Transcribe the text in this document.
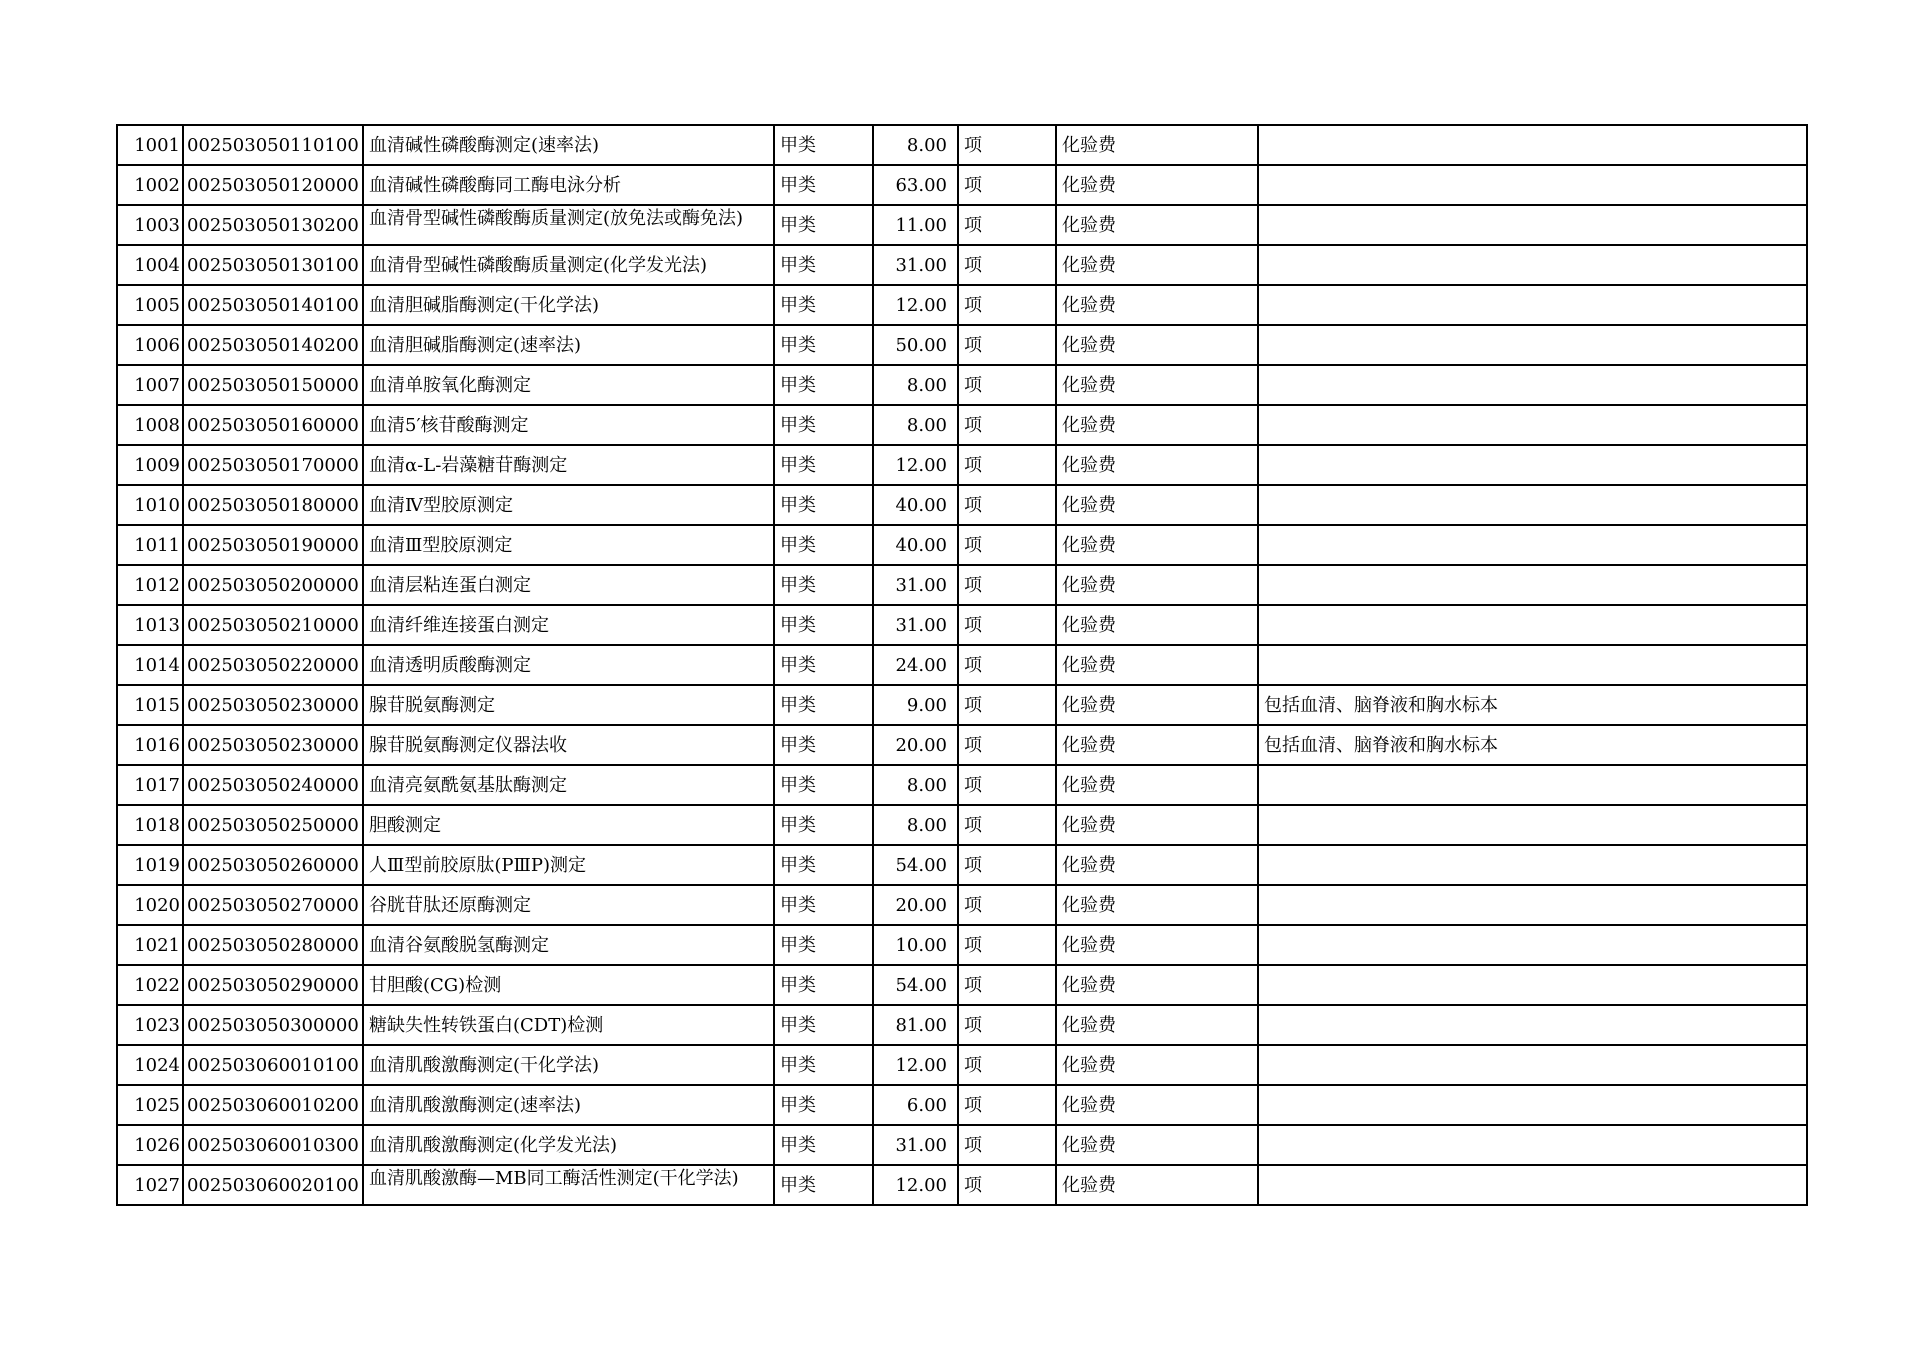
1001	002503050110100	血清碱性磷酸酶测定(速率法)	甲类	8.00	项	化验费	
1002	002503050120000	血清碱性磷酸酶同工酶电泳分析	甲类	63.00	项	化验费	
1003	002503050130200	血清骨型碱性磷酸酶质量测定(放免法或酶免法)	甲类	11.00	项	化验费	
1004	002503050130100	血清骨型碱性磷酸酶质量测定(化学发光法)	甲类	31.00	项	化验费	
1005	002503050140100	血清胆碱脂酶测定(干化学法)	甲类	12.00	项	化验费	
1006	002503050140200	血清胆碱脂酶测定(速率法)	甲类	50.00	项	化验费	
1007	002503050150000	血清单胺氧化酶测定	甲类	8.00	项	化验费	
1008	002503050160000	血清5′核苷酸酶测定	甲类	8.00	项	化验费	
1009	002503050170000	血清α-L-岩藻糖苷酶测定	甲类	12.00	项	化验费	
1010	002503050180000	血清Ⅳ型胶原测定	甲类	40.00	项	化验费	
1011	002503050190000	血清Ⅲ型胶原测定	甲类	40.00	项	化验费	
1012	002503050200000	血清层粘连蛋白测定	甲类	31.00	项	化验费	
1013	002503050210000	血清纤维连接蛋白测定	甲类	31.00	项	化验费	
1014	002503050220000	血清透明质酸酶测定	甲类	24.00	项	化验费	
1015	002503050230000	腺苷脱氨酶测定	甲类	9.00	项	化验费	包括血清、脑脊液和胸水标本
1016	002503050230000	腺苷脱氨酶测定仪器法收	甲类	20.00	项	化验费	包括血清、脑脊液和胸水标本
1017	002503050240000	血清亮氨酰氨基肽酶测定	甲类	8.00	项	化验费	
1018	002503050250000	胆酸测定	甲类	8.00	项	化验费	
1019	002503050260000	人Ⅲ型前胶原肽(PⅢP)测定	甲类	54.00	项	化验费	
1020	002503050270000	谷胱苷肽还原酶测定	甲类	20.00	项	化验费	
1021	002503050280000	血清谷氨酸脱氢酶测定	甲类	10.00	项	化验费	
1022	002503050290000	甘胆酸(CG)检测	甲类	54.00	项	化验费	
1023	002503050300000	糖缺失性转铁蛋白(CDT)检测	甲类	81.00	项	化验费	
1024	002503060010100	血清肌酸激酶测定(干化学法)	甲类	12.00	项	化验费	
1025	002503060010200	血清肌酸激酶测定(速率法)	甲类	6.00	项	化验费	
1026	002503060010300	血清肌酸激酶测定(化学发光法)	甲类	31.00	项	化验费	
1027	002503060020100	血清肌酸激酶—MB同工酶活性测定(干化学法)	甲类	12.00	项	化验费	
